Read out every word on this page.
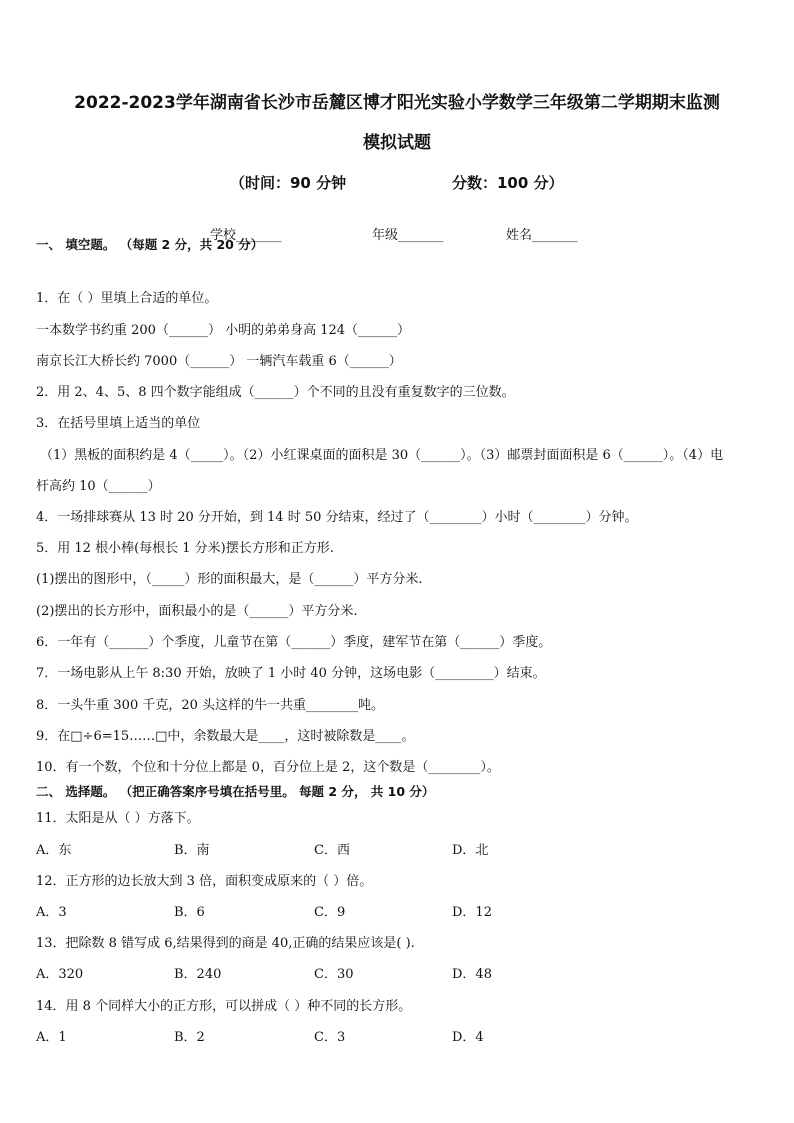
2022-2023学年湖南省长沙市岳麓区博才阳光实验小学数学三年级第二学期期末监测
模拟试题
（时间：90 分钟	分数：100 分）
学校_______	年级_______	姓名_______
一、 填空题。 （每题 2 分，共 20 分）
1．在（ ）里填上合适的单位。
一本数学书约重 200（______） 小明的弟弟身高 124（______）
南京长江大桥长约 7000（______） 一辆汽车载重 6（______）
2．用 2、4、5、8 四个数字能组成（______）个不同的且没有重复数字的三位数。
3．在括号里填上适当的单位
（1）黑板的面积约是 4（_____）。（2）小红课桌面的面积是 30（______）。（3）邮票封面面积是 6（______）。（4）电
杆高约 10（______）
4．一场排球赛从 13 时 20 分开始，到 14 时 50 分结束，经过了（________）小时（________）分钟。
5．用 12 根小棒(每根长 1 分米)摆长方形和正方形.
(1)摆出的图形中，（_____）形的面积最大，是（______）平方分米.
(2)摆出的长方形中，面积最小的是（______）平方分米.
6．一年有（______）个季度，儿童节在第（______）季度，建军节在第（______）季度。
7．一场电影从上午 8:30 开始，放映了 1 小时 40 分钟，这场电影（_________）结束。
8．一头牛重 300 千克，20 头这样的牛一共重________吨。
9．在□÷6=15……□中，余数最大是____，这时被除数是____。
10．有一个数，个位和十分位上都是 0，百分位上是 2，这个数是（________）。
二、 选择题。 （把正确答案序号填在括号里。 每题 2 分， 共 10 分）
11．太阳是从（ ）方落下。
A．东	B．南	C．西	D．北
12．正方形的边长放大到 3 倍，面积变成原来的（ ）倍。
A．3	B．6	C．9	D．12
13．把除数 8 错写成 6,结果得到的商是 40,正确的结果应该是( ).
A．320	B．240	C．30	D．48
14．用 8 个同样大小的正方形，可以拼成（ ）种不同的长方形。
A．1	B．2	C．3	D．4
